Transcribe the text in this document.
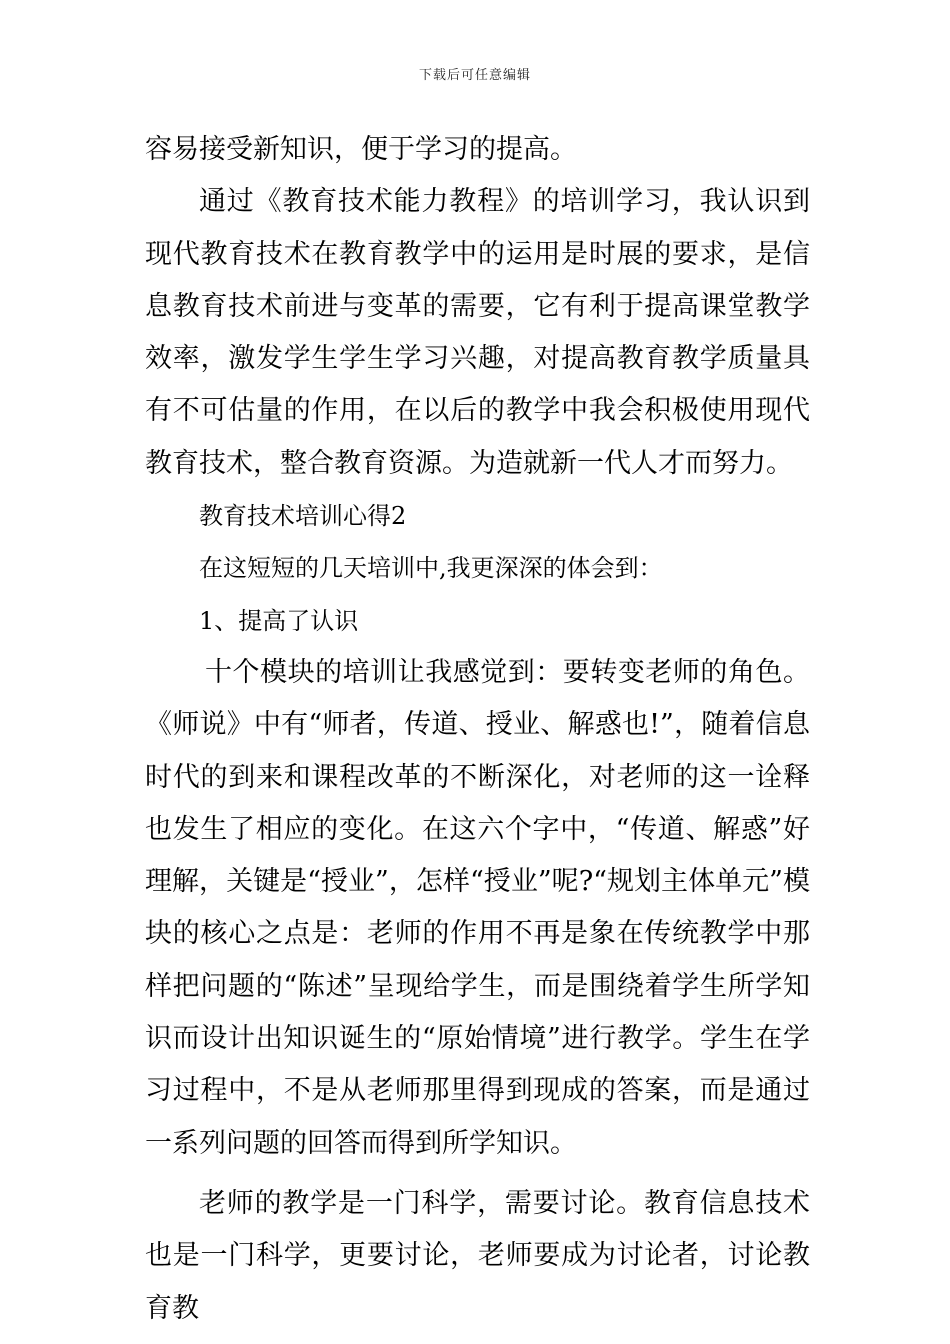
下载后可任意编辑

容易接受新知识，便于学习的提高。

通过《教育技术能力教程》的培训学习，我认识到现代教育技术在教育教学中的运用是时展的要求，是信息教育技术前进与变革的需要，它有利于提高课堂教学效率，激发学生学生学习兴趣，对提高教育教学质量具有不可估量的作用，在以后的教学中我会积极使用现代教育技术，整合教育资源。为造就新一代人才而努力。

教育技术培训心得2

在这短短的几天培训中,我更深深的体会到：

1、提高了认识

十个模块的培训让我感觉到：要转变老师的角色。《师说》中有“师者，传道、授业、解惑也!”，随着信息时代的到来和课程改革的不断深化，对老师的这一诠释也发生了相应的变化。在这六个字中，“传道、解惑”好理解，关键是“授业”，怎样“授业”呢?“规划主体单元”模块的核心之点是：老师的作用不再是象在传统教学中那样把问题的“陈述”呈现给学生，而是围绕着学生所学知识而设计出知识诞生的“原始情境”进行教学。学生在学习过程中，不是从老师那里得到现成的答案，而是通过一系列问题的回答而得到所学知识。

老师的教学是一门科学，需要讨论。教育信息技术也是一门科学，更要讨论，老师要成为讨论者，讨论教育教
